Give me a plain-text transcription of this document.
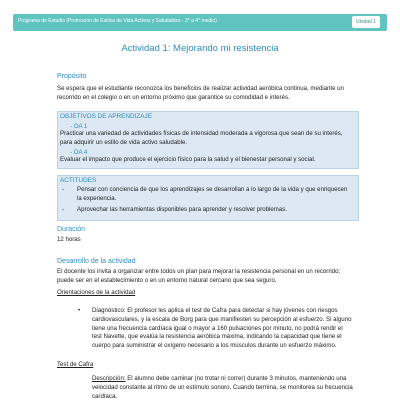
Programa de Estudio (Promoción de Estilos de Vida Activos y Saludables - 3° a 4° medio)	Unidad 1
Actividad 1: Mejorando mi resistencia
Propósito
Se espera que el estudiante reconozca los beneficios de realizar actividad aeróbica continua, mediante un recorrido en el colegio o en un entorno próximo que garantice su comodidad e interés.
OBJETIVOS DE APRENDIZAJE
- OA 1
Practicar una variedad de actividades físicas de intensidad moderada a vigorosa que sean de su interés, para adquirir un estilo de vida activo saludable.
- OA 4
Evaluar el impacto que produce el ejercicio físico para la salud y el bienestar personal y social.
ACTITUDES
- Pensar con conciencia de que los aprendizajes se desarrollan a lo largo de la vida y que enriquecen la experiencia.
- Aprovechar las herramientas disponibles para aprender y resolver problemas.
Duración
12 horas
Desarrollo de la actividad
El docente los invita a organizar entre todos un plan para mejorar la resistencia personal en un recorrido; puede ser en el establecimiento o en un entorno natural cercano que sea seguro.
Orientaciones de la actividad
• Diagnóstico: El profesor les aplica el test de Cafra para detectar si hay jóvenes con riesgos cardiovasculares, y la escala de Borg para que manifiesten su percepción al esfuerzo. Si alguno tiene una frecuencia cardíaca igual o mayor a 160 pulsaciones por minuto, no podrá rendir el test Navette, que evalúa la resistencia aeróbica máxima, indicando la capacidad que tiene el cuerpo para suministrar el oxígeno necesario a los músculos durante un esfuerzo máximo.
Test de Cafra
Descripción: El alumno debe caminar (no trotar ni correr) durante 3 minutos, manteniendo una velocidad constante al ritmo de un estímulo sonoro. Cuando termina, se monitorea su frecuencia cardíaca.
